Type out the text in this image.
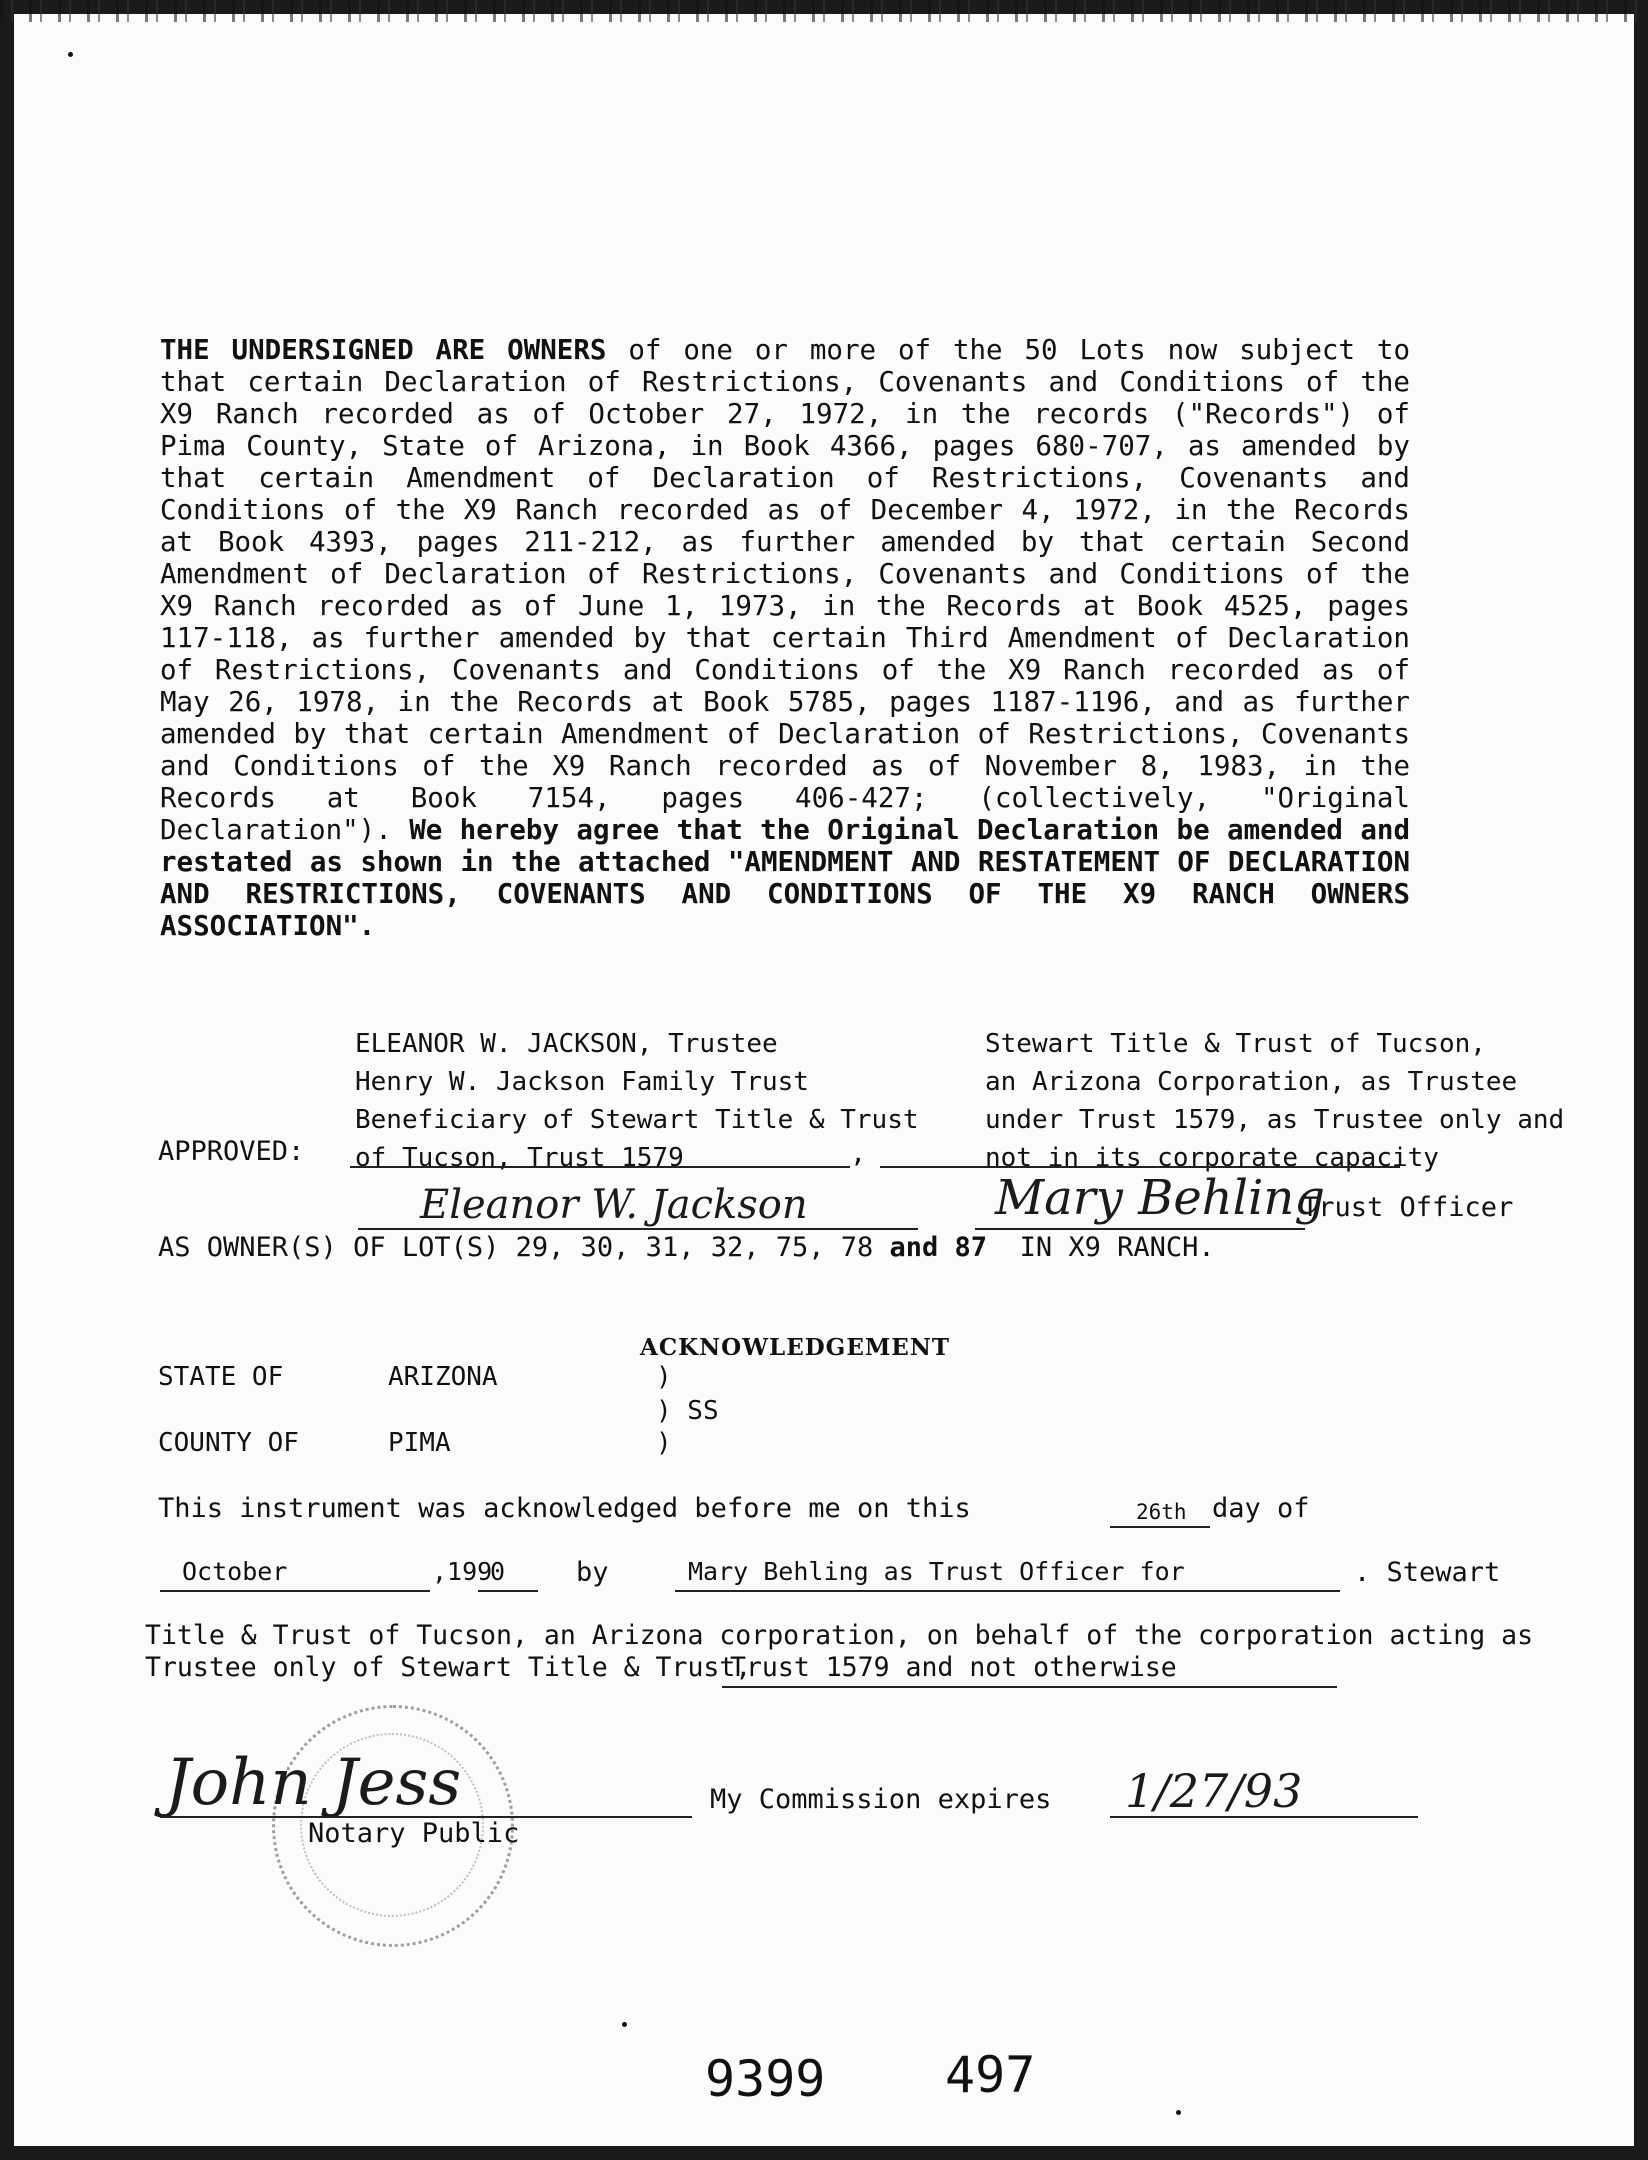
THE UNDERSIGNED ARE OWNERS of one or more of the 50 Lots now subject to that certain Declaration of Restrictions, Covenants and Conditions of the X9 Ranch recorded as of October 27, 1972, in the records ("Records") of Pima County, State of Arizona, in Book 4366, pages 680-707, as amended by that certain Amendment of Declaration of Restrictions, Covenants and Conditions of the X9 Ranch recorded as of December 4, 1972, in the Records at Book 4393, pages 211-212, as further amended by that certain Second Amendment of Declaration of Restrictions, Covenants and Conditions of the X9 Ranch recorded as of June 1, 1973, in the Records at Book 4525, pages 117-118, as further amended by that certain Third Amendment of Declaration of Restrictions, Covenants and Conditions of the X9 Ranch recorded as of May 26, 1978, in the Records at Book 5785, pages 1187-1196, and as further amended by that certain Amendment of Declaration of Restrictions, Covenants and Conditions of the X9 Ranch recorded as of November 8, 1983, in the Records at Book 7154, pages 406-427; (collectively, "Original Declaration"). We hereby agree that the Original Declaration be amended and restated as shown in the attached "AMENDMENT AND RESTATEMENT OF DECLARATION AND RESTRICTIONS, COVENANTS AND CONDITIONS OF THE X9 RANCH OWNERS ASSOCIATION".
ELEANOR W. JACKSON, Trustee
Henry W. Jackson Family Trust
Beneficiary of Stewart Title & Trust
of Tucson, Trust 1579	,
Stewart Title & Trust of Tucson,
an Arizona Corporation, as Trustee
under Trust 1579, as Trustee only and
not in its corporate capacity
APPROVED:
Eleanor W. Jackson	Mary Behling
Trust Officer
AS OWNER(S) OF LOT(S) 29, 30, 31, 32, 75, 78 and 87 IN X9 RANCH.
ACKNOWLEDGEMENT
STATE OF	ARIZONA	)
) SS
COUNTY OF	PIMA	)
This instrument was acknowledged before me on this	26th day of
October	,199
0	by	Mary Behling as Trust Officer for	. Stewart
Title & Trust of Tucson, an Arizona corporation, on behalf of the corporation acting as
Trustee only of Stewart Title & Trust,
Trust 1579 and not otherwise
John Jess
Notary Public
My Commission expires 1/27/93
9399 497
